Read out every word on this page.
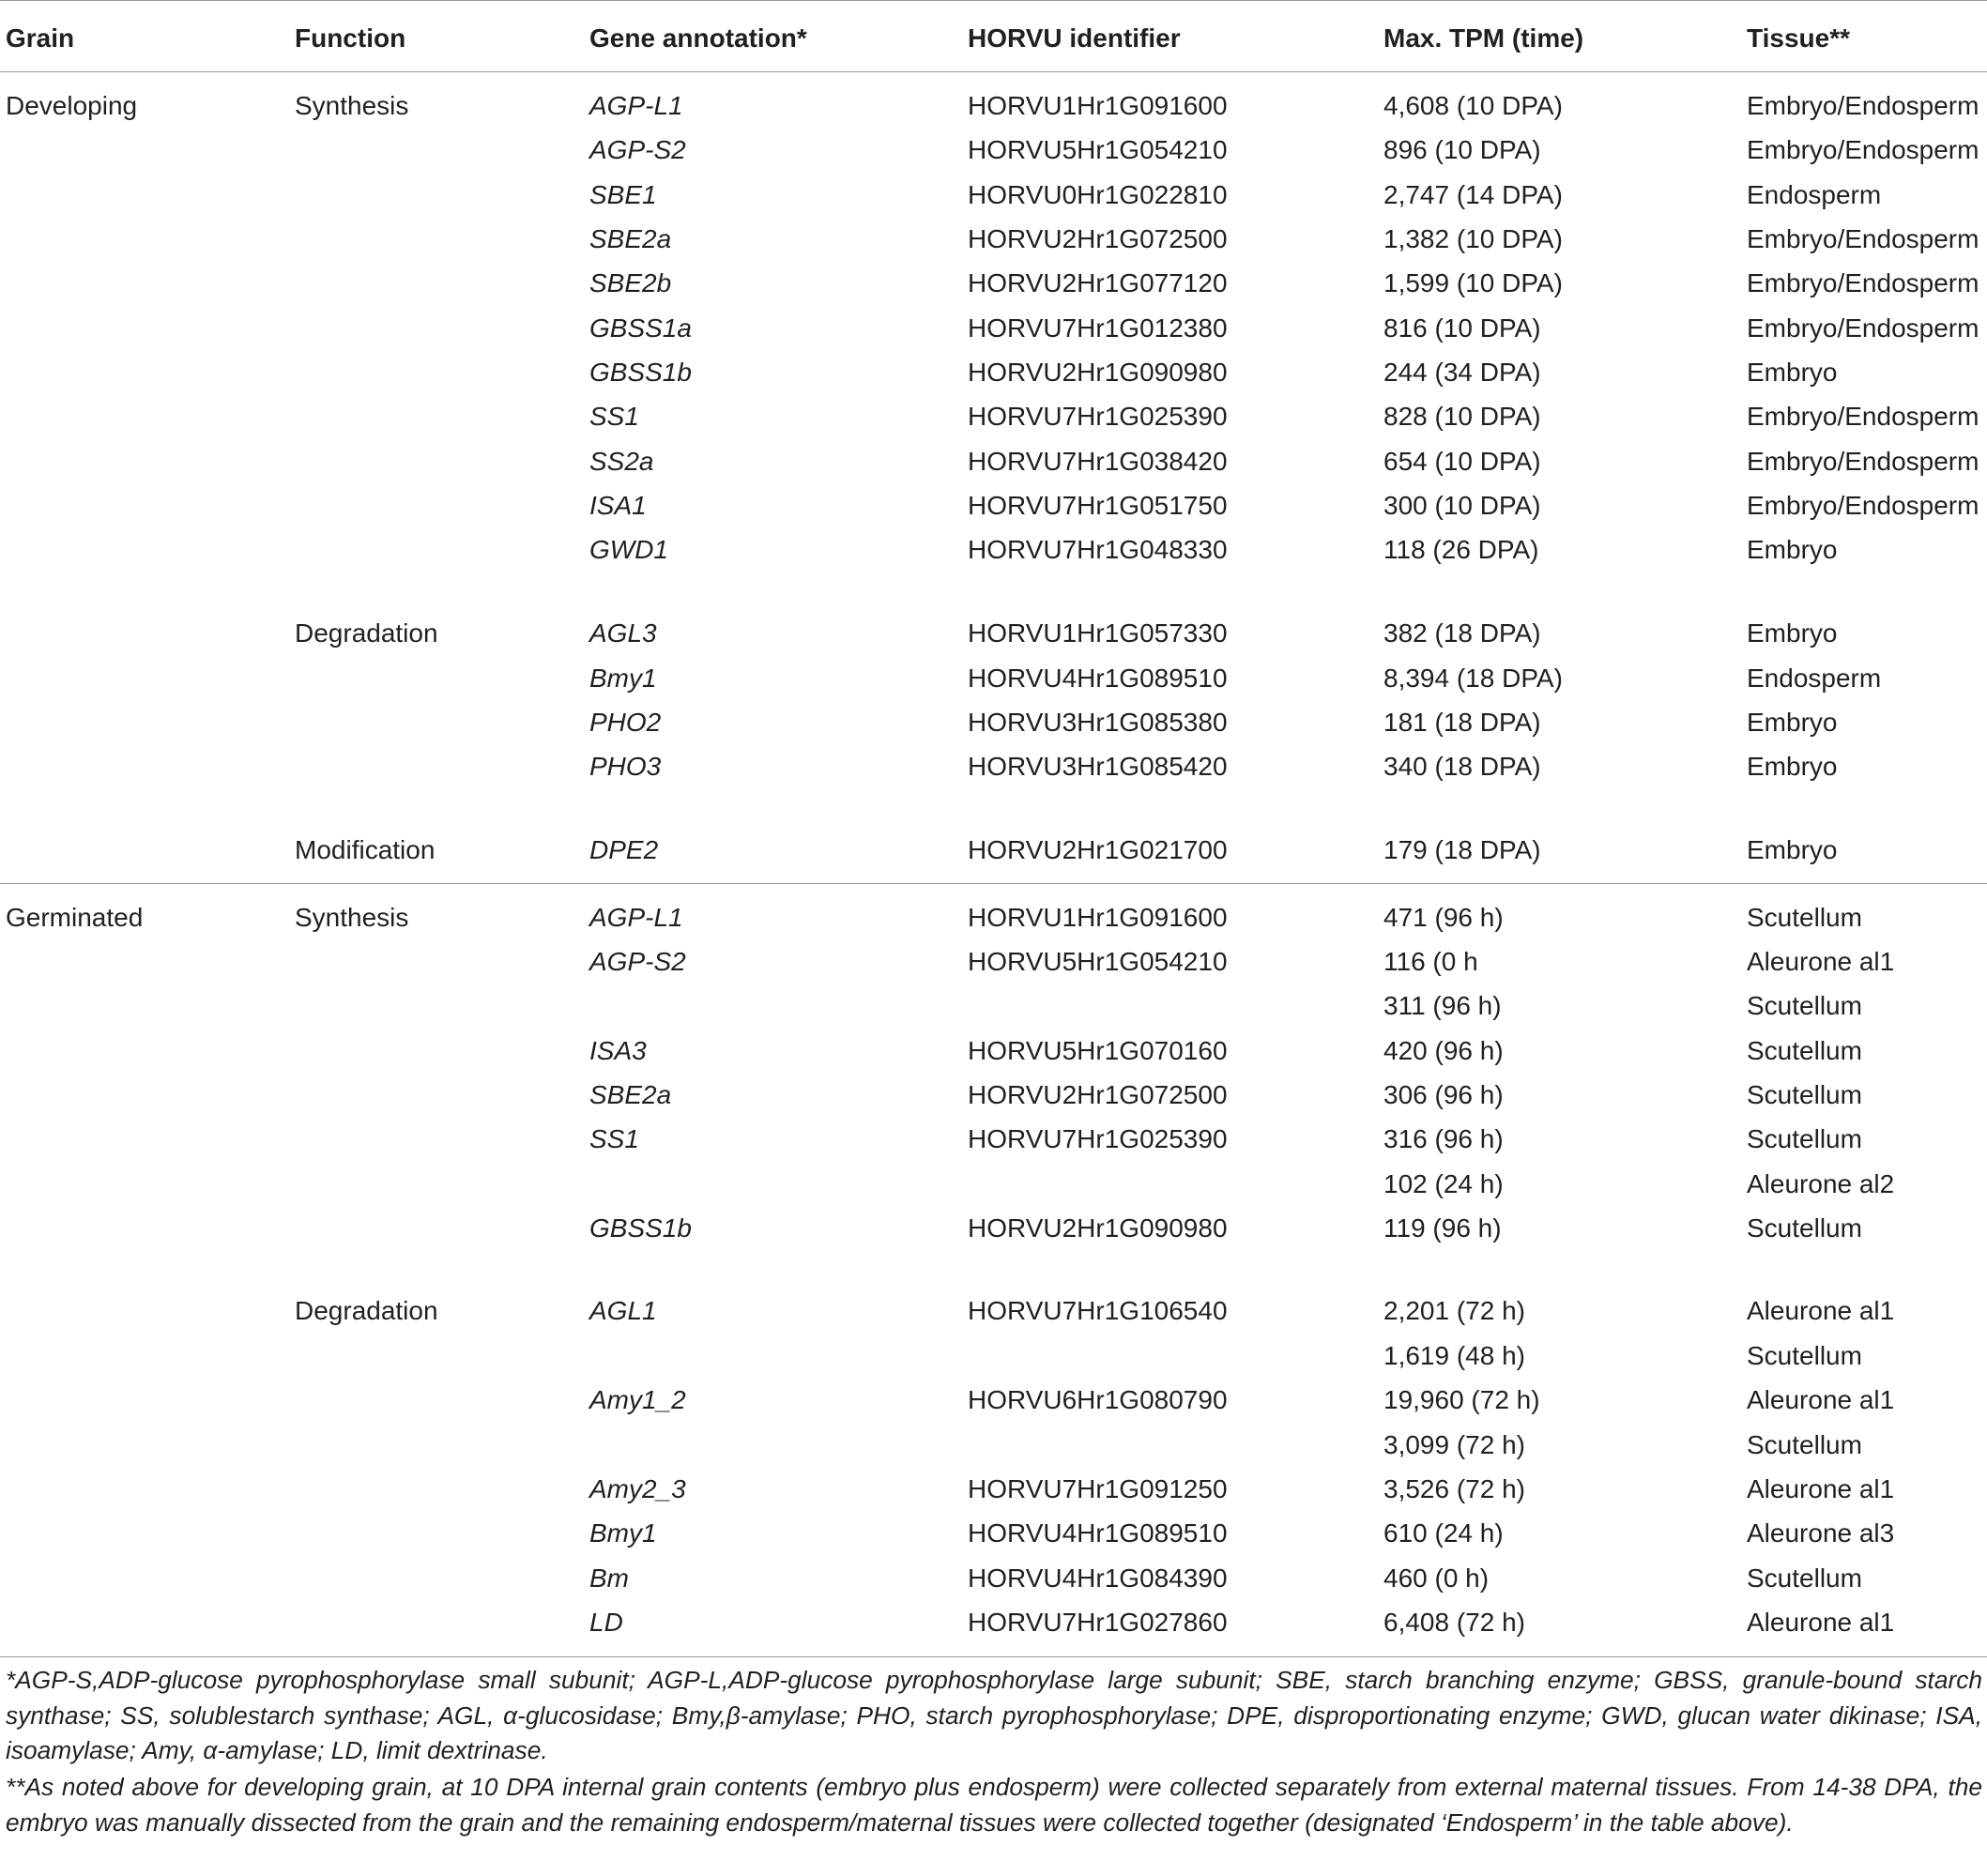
Grain	Function	Gene annotation*	HORVU identifier	Max. TPM (time)	Tissue**
Developing	Synthesis	AGP-L1	HORVU1Hr1G091600	4,608 (10 DPA)	Embryo/Endosperm
AGP-S2	HORVU5Hr1G054210	896 (10 DPA)	Embryo/Endosperm
SBE1	HORVU0Hr1G022810	2,747 (14 DPA)	Endosperm
SBE2a	HORVU2Hr1G072500	1,382 (10 DPA)	Embryo/Endosperm
SBE2b	HORVU2Hr1G077120	1,599 (10 DPA)	Embryo/Endosperm
GBSS1a	HORVU7Hr1G012380	816 (10 DPA)	Embryo/Endosperm
GBSS1b	HORVU2Hr1G090980	244 (34 DPA)	Embryo
SS1	HORVU7Hr1G025390	828 (10 DPA)	Embryo/Endosperm
SS2a	HORVU7Hr1G038420	654 (10 DPA)	Embryo/Endosperm
ISA1	HORVU7Hr1G051750	300 (10 DPA)	Embryo/Endosperm
GWD1	HORVU7Hr1G048330	118 (26 DPA)	Embryo
Degradation	AGL3	HORVU1Hr1G057330	382 (18 DPA)	Embryo
Bmy1	HORVU4Hr1G089510	8,394 (18 DPA)	Endosperm
PHO2	HORVU3Hr1G085380	181 (18 DPA)	Embryo
PHO3	HORVU3Hr1G085420	340 (18 DPA)	Embryo
Modification	DPE2	HORVU2Hr1G021700	179 (18 DPA)	Embryo
Germinated	Synthesis	AGP-L1	HORVU1Hr1G091600	471 (96 h)	Scutellum
AGP-S2	HORVU5Hr1G054210	116 (0 h	Aleurone al1
311 (96 h)	Scutellum
ISA3	HORVU5Hr1G070160	420 (96 h)	Scutellum
SBE2a	HORVU2Hr1G072500	306 (96 h)	Scutellum
SS1	HORVU7Hr1G025390	316 (96 h)	Scutellum
102 (24 h)	Aleurone al2
GBSS1b	HORVU2Hr1G090980	119 (96 h)	Scutellum
Degradation	AGL1	HORVU7Hr1G106540	2,201 (72 h)	Aleurone al1
1,619 (48 h)	Scutellum
Amy1_2	HORVU6Hr1G080790	19,960 (72 h)	Aleurone al1
3,099 (72 h)	Scutellum
Amy2_3	HORVU7Hr1G091250	3,526 (72 h)	Aleurone al1
Bmy1	HORVU4Hr1G089510	610 (24 h)	Aleurone al3
Bm	HORVU4Hr1G084390	460 (0 h)	Scutellum
LD	HORVU7Hr1G027860	6,408 (72 h)	Aleurone al1
*AGP-S,ADP-glucose pyrophosphorylase small subunit; AGP-L,ADP-glucose pyrophosphorylase large subunit; SBE, starch branching enzyme; GBSS, granule-bound starch synthase; SS, solublestarch synthase; AGL, α-glucosidase; Bmy,β-amylase; PHO, starch pyrophosphorylase; DPE, disproportionating enzyme; GWD, glucan water dikinase; ISA, isoamylase; Amy, α-amylase; LD, limit dextrinase.
**As noted above for developing grain, at 10 DPA internal grain contents (embryo plus endosperm) were collected separately from external maternal tissues. From 14-38 DPA, the embryo was manually dissected from the grain and the remaining endosperm/maternal tissues were collected together (designated ‘Endosperm’ in the table above).
